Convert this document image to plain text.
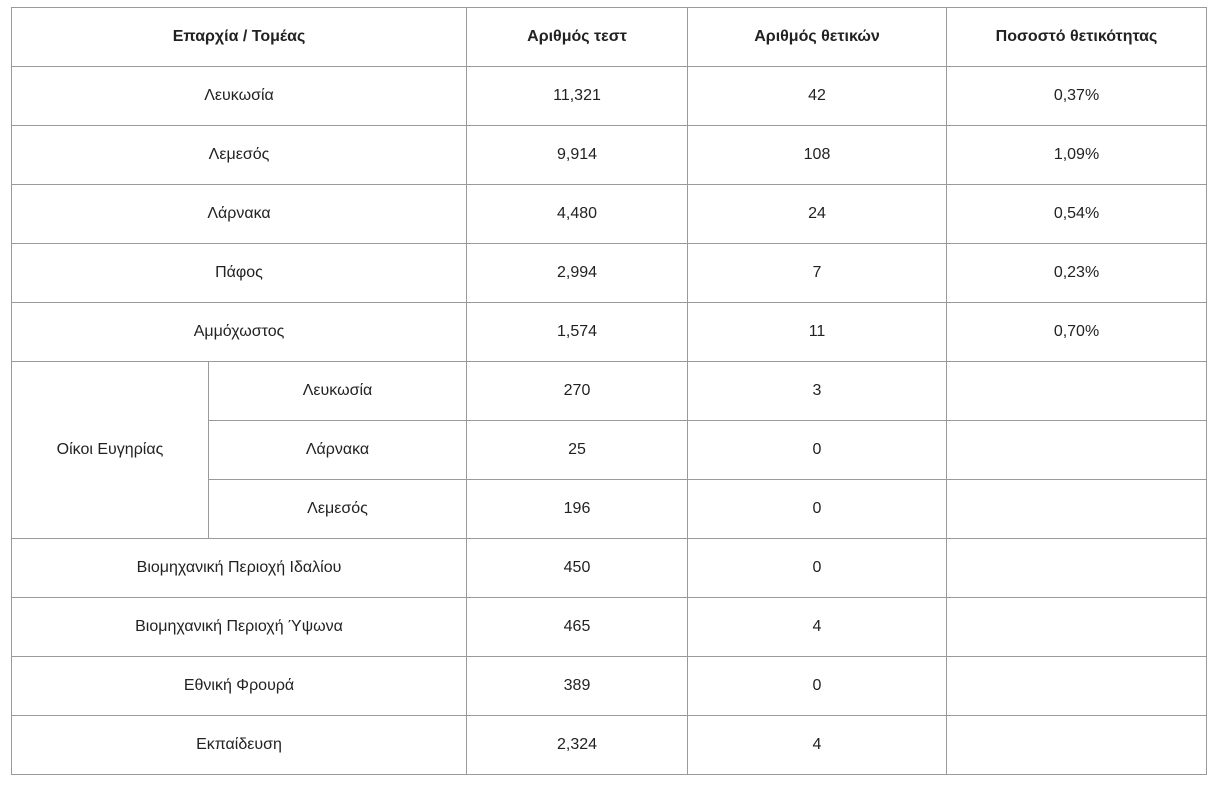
Επαρχία / Τομέας		Αριθμός τεστ	Αριθμός θετικών	Ποσοστό θετικότητας
Λευκωσία		11,321	42	0,37%
Λεμεσός		9,914	108	1,09%
Λάρνακα		4,480	24	0,54%
Πάφος		2,994	7	0,23%
Αμμόχωστος		1,574	11	0,70%
Οίκοι Ευγηρίας	Λευκωσία	270	3	
	Λάρνακα	25	0	
	Λεμεσός	196	0	
Βιομηχανική Περιοχή Ιδαλίου		450	0	
Βιομηχανική Περιοχή Ύψωνα		465	4	
Εθνική Φρουρά		389	0	
Εκπαίδευση		2,324	4	
